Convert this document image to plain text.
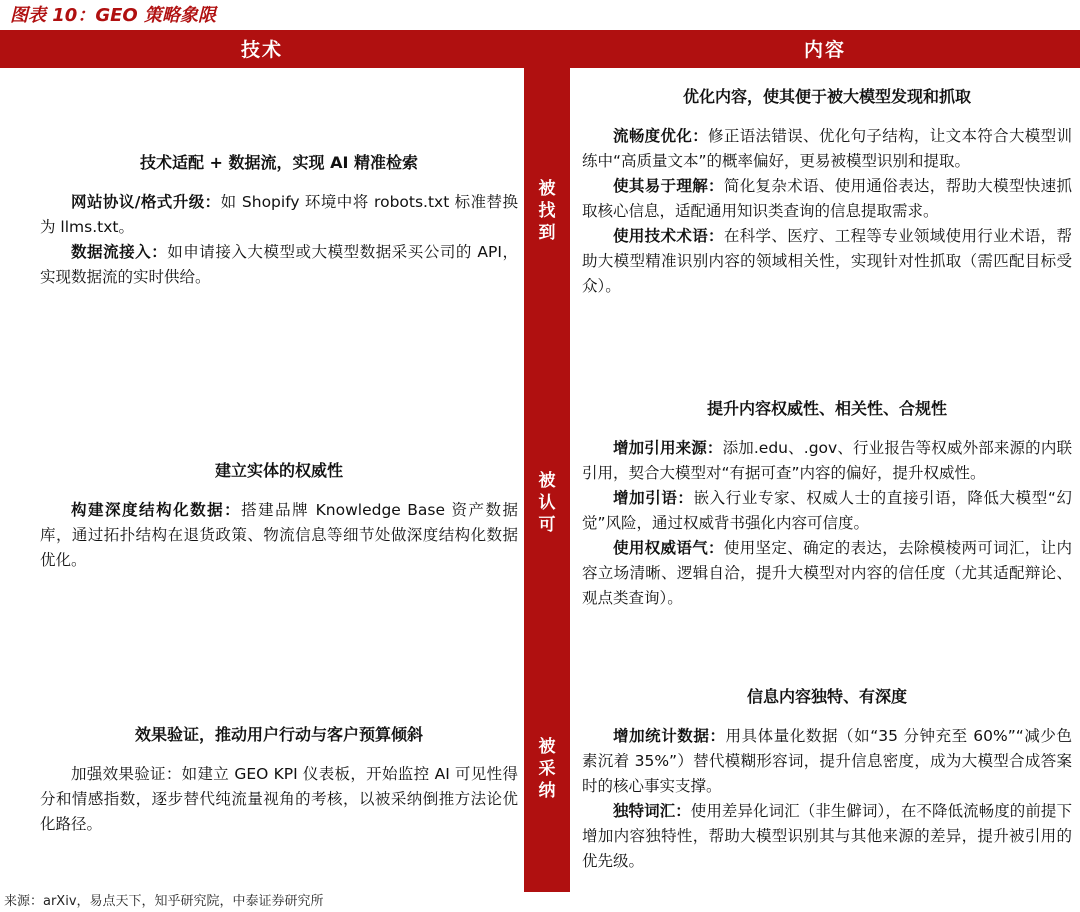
图表 10：GEO 策略象限
技术	内容
被
找
到
被
认
可
被
采
纳
技术适配 + 数据流，实现 AI 精准检索

网站协议/格式升级：如 Shopify 环境中将 robots.txt 标准替换为 llms.txt。

数据流接入：如申请接入大模型或大模型数据采买公司的 API，实现数据流的实时供给。

建立实体的权威性

构建深度结构化数据：搭建品牌 Knowledge Base 资产数据库，通过拓扑结构在退货政策、物流信息等细节处做深度结构化数据优化。

效果验证，推动用户行动与客户预算倾斜

加强效果验证：如建立 GEO KPI 仪表板，开始监控 AI 可见性得分和情感指数，逐步替代纯流量视角的考核，以被采纳倒推方法论优化路径。

优化内容，使其便于被大模型发现和抓取

流畅度优化：修正语法错误、优化句子结构，让文本符合大模型训练中“高质量文本”的概率偏好，更易被模型识别和提取。

使其易于理解：简化复杂术语、使用通俗表达，帮助大模型快速抓取核心信息，适配通用知识类查询的信息提取需求。

使用技术术语：在科学、医疗、工程等专业领域使用行业术语，帮助大模型精准识别内容的领域相关性，实现针对性抓取（需匹配目标受众）。

提升内容权威性、相关性、合规性

增加引用来源：添加.edu、.gov、行业报告等权威外部来源的内联引用，契合大模型对“有据可查”内容的偏好，提升权威性。

增加引语：嵌入行业专家、权威人士的直接引语，降低大模型“幻觉”风险，通过权威背书强化内容可信度。

使用权威语气：使用坚定、确定的表达，去除模棱两可词汇，让内容立场清晰、逻辑自洽，提升大模型对内容的信任度（尤其适配辩论、观点类查询）。

信息内容独特、有深度

增加统计数据：用具体量化数据（如“35 分钟充至 60%”“减少色素沉着 35%”）替代模糊形容词，提升信息密度，成为大模型合成答案时的核心事实支撑。

独特词汇：使用差异化词汇（非生僻词），在不降低流畅度的前提下增加内容独特性，帮助大模型识别其与其他来源的差异，提升被引用的优先级。

来源：arXiv，易点天下，知乎研究院，中泰证券研究所
